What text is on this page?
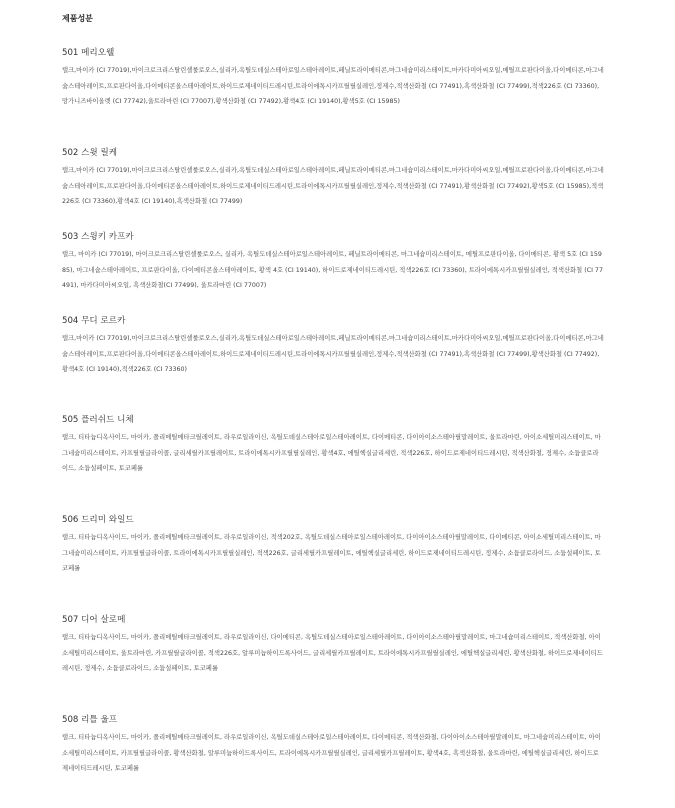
제품성분

501 메리오웰

탤크,마이카 (CI 77019),마이크로크리스탈린셀룰로오스,실리카,옥틸도데실스테아로일스테아레이트,페닐트라이메티콘,마그네슘미리스테이트,마카다미아씨오일,메틸프로판다이올,다이메티콘,마그네슘스테아레이트,프로판다이올,다이메티콘올스테아레이트,하이드로제네이티드레시틴,트라이에톡시카프릴릴실레인,정제수,적색산화철 (CI 77491),흑색산화철 (CI 77499),적색226호 (CI 73360),망가니즈바이올렛 (CI 77742),울트라마린 (CI 77007),황색산화철 (CI 77492),황색4호 (CI 19140),황색5호 (CI 15985)

502 스윗 릴케

탤크,마이카 (CI 77019),마이크로크리스탈린셀룰로오스,실리카,옥틸도데실스테아로일스테아레이트,페닐트라이메티콘,마그네슘미리스테이트,마카다미아씨오일,메틸프로판다이올,다이메티콘,마그네슘스테아레이트,프로판다이올,다이메티콘올스테아레이트,하이드로제네이티드레시틴,트라이에톡시카프릴릴실레인,정제수,적색산화철 (CI 77491),황색산화철 (CI 77492),황색5호 (CI 15985),적색226호 (CI 73360),황색4호 (CI 19140),흑색산화철 (CI 77499)

503 스윙키 카프카

탤크, 마이카 (CI 77019), 마이크로크리스탈린셀룰로오스, 실리카, 옥틸도데실스테아로일스테아레이트, 페닐트라이메티콘, 마그네슘미리스테이트, 메틸프로판다이올, 다이메티콘, 황색 5호 (CI 15985), 마그네슘스테아레이트, 프로판다이올, 다이메티콘올스테아레이트, 황색 4호 (CI 19140), 하이드로제네이티드레시틴, 적색226호 (CI 73360), 트라이에톡시카프릴릴실레인, 적색산화철 (CI 77491), 마카다미아씨오일, 흑색산화철(CI 77499), 울트라마린 (CI 77007)

504 무디 로르카

탤크,마이카 (CI 77019),마이크로크리스탈린셀룰로오스,실리카,옥틸도데실스테아로일스테아레이트,페닐트라이메티콘,마그네슘미리스테이트,마카다미아씨오일,메틸프로판다이올,다이메티콘,마그네슘스테아레이트,프로판다이올,다이메티콘올스테아레이트,하이드로제네이티드레시틴,트라이에톡시카프릴릴실레인,정제수,적색산화철 (CI 77491),흑색산화철 (CI 77499),황색산화철 (CI 77492),황색4호 (CI 19140),적색226호 (CI 73360)

505 플러쉬드 니체

탤크, 티타늄디옥사이드, 마이카, 폴리메틸메타크릴레이트, 라우로일라이신, 옥틸도데실스테아로일스테아레이트, 다이메티콘, 다이아이소스테아릴말레이트, 울트라마린, 아이소세틸미리스테이트, 마그네슘미리스테이트, 카프릴릴글라이콜, 글리세릴카프릴레이트, 트라이에톡시카프릴릴실레인, 황색4호, 에틸헥실글리세린, 적색226호, 하이드로제네이티드레시틴, 적색산화철, 정제수, 소듐클로라이드, 소듐설페이트, 토코페롤

506 드리미 와일드

탤크, 티타늄디옥사이드, 마이카, 폴리메틸메타크릴레이트, 라우로일라이신, 적색202호, 옥틸도데실스테아로일스테아레이트, 다이아이소스테아릴말레이트, 다이메티콘, 아이소세틸미리스테이트, 마그네슘미리스테이트, 카프릴릴글라이콜, 트라이에톡시카프릴릴실레인, 적색226호, 글리세릴카프릴레이트, 에틸헥실글리세린, 하이드로제네이티드레시틴, 정제수, 소듐클로라이드, 소듐설페이트, 토코페롤

507 디어 살로메

탤크, 티타늄디옥사이드, 마이카, 폴리메틸메타크릴레이트, 라우로일라이신, 다이메티콘, 옥틸도데실스테아로일스테아레이트, 다이아이소스테아릴말레이트, 마그네슘미리스테이트, 적색산화철, 아이소세틸미리스테이트, 울트라마린, 카프릴릴글라이콜, 적색226호, 알루미늄하이드록사이드, 글리세릴카프릴레이트, 트라이에톡시카프릴릴실레인, 에틸헥실글리세린, 황색산화철, 하이드로제네이티드레시틴, 정제수, 소듐클로라이드, 소듐설페이트, 토코페롤

508 리틀 울프

탤크, 티타늄디옥사이드, 마이카, 폴리메틸메타크릴레이트, 라우로일라이신, 옥틸도데실스테아로일스테아레이트, 다이메티콘, 적색산화철, 다이아이소스테아릴말레이트, 마그네슘미리스테이트, 아이소세틸미리스테이트, 카프릴릴글라이콜, 황색산화철, 알루미늄하이드록사이드, 트라이에톡시카프릴릴실레인, 글리세릴카프릴레이트, 황색4호, 흑색산화철, 울트라마린, 에틸헥실글리세린, 하이드로제네이티드레시틴, 토코페롤
